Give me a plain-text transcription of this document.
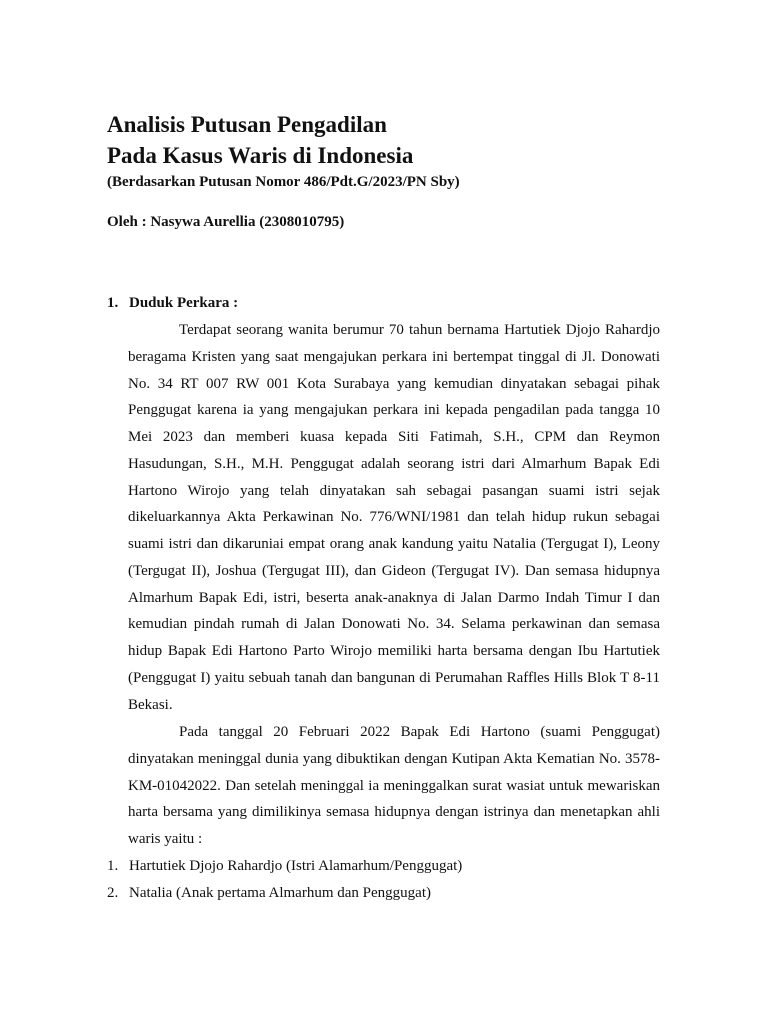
Analisis Putusan Pengadilan
Pada Kasus Waris di Indonesia
(Berdasarkan Putusan Nomor 486/Pdt.G/2023/PN Sby)
Oleh : Nasywa Aurellia (2308010795)
1. Duduk Perkara :

Terdapat seorang wanita berumur 70 tahun bernama Hartutiek Djojo Rahardjo beragama Kristen yang saat mengajukan perkara ini bertempat tinggal di Jl. Donowati No. 34 RT 007 RW 001 Kota Surabaya yang kemudian dinyatakan sebagai pihak Penggugat karena ia yang mengajukan perkara ini kepada pengadilan pada tangga 10 Mei 2023 dan memberi kuasa kepada Siti Fatimah, S.H., CPM dan Reymon Hasudungan, S.H., M.H. Penggugat adalah seorang istri dari Almarhum Bapak Edi Hartono Wirojo yang telah dinyatakan sah sebagai pasangan suami istri sejak dikeluarkannya Akta Perkawinan No. 776/WNI/1981 dan telah hidup rukun sebagai suami istri dan dikaruniai empat orang anak kandung yaitu Natalia (Tergugat I), Leony (Tergugat II), Joshua (Tergugat III), dan Gideon (Tergugat IV). Dan semasa hidupnya Almarhum Bapak Edi, istri, beserta anak-anaknya di Jalan Darmo Indah Timur I dan kemudian pindah rumah di Jalan Donowati No. 34. Selama perkawinan dan semasa hidup Bapak Edi Hartono Parto Wirojo memiliki harta bersama dengan Ibu Hartutiek (Penggugat I) yaitu sebuah tanah dan bangunan di Perumahan Raffles Hills Blok T 8-11 Bekasi.

Pada tanggal 20 Februari 2022 Bapak Edi Hartono (suami Penggugat) dinyatakan meninggal dunia yang dibuktikan dengan Kutipan Akta Kematian No. 3578-KM-01042022. Dan setelah meninggal ia meninggalkan surat wasiat untuk mewariskan harta bersama yang dimilikinya semasa hidupnya dengan istrinya dan menetapkan ahli waris yaitu :

1. Hartutiek Djojo Rahardjo (Istri Alamarhum/Penggugat)
2. Natalia (Anak pertama Almarhum dan Penggugat)
